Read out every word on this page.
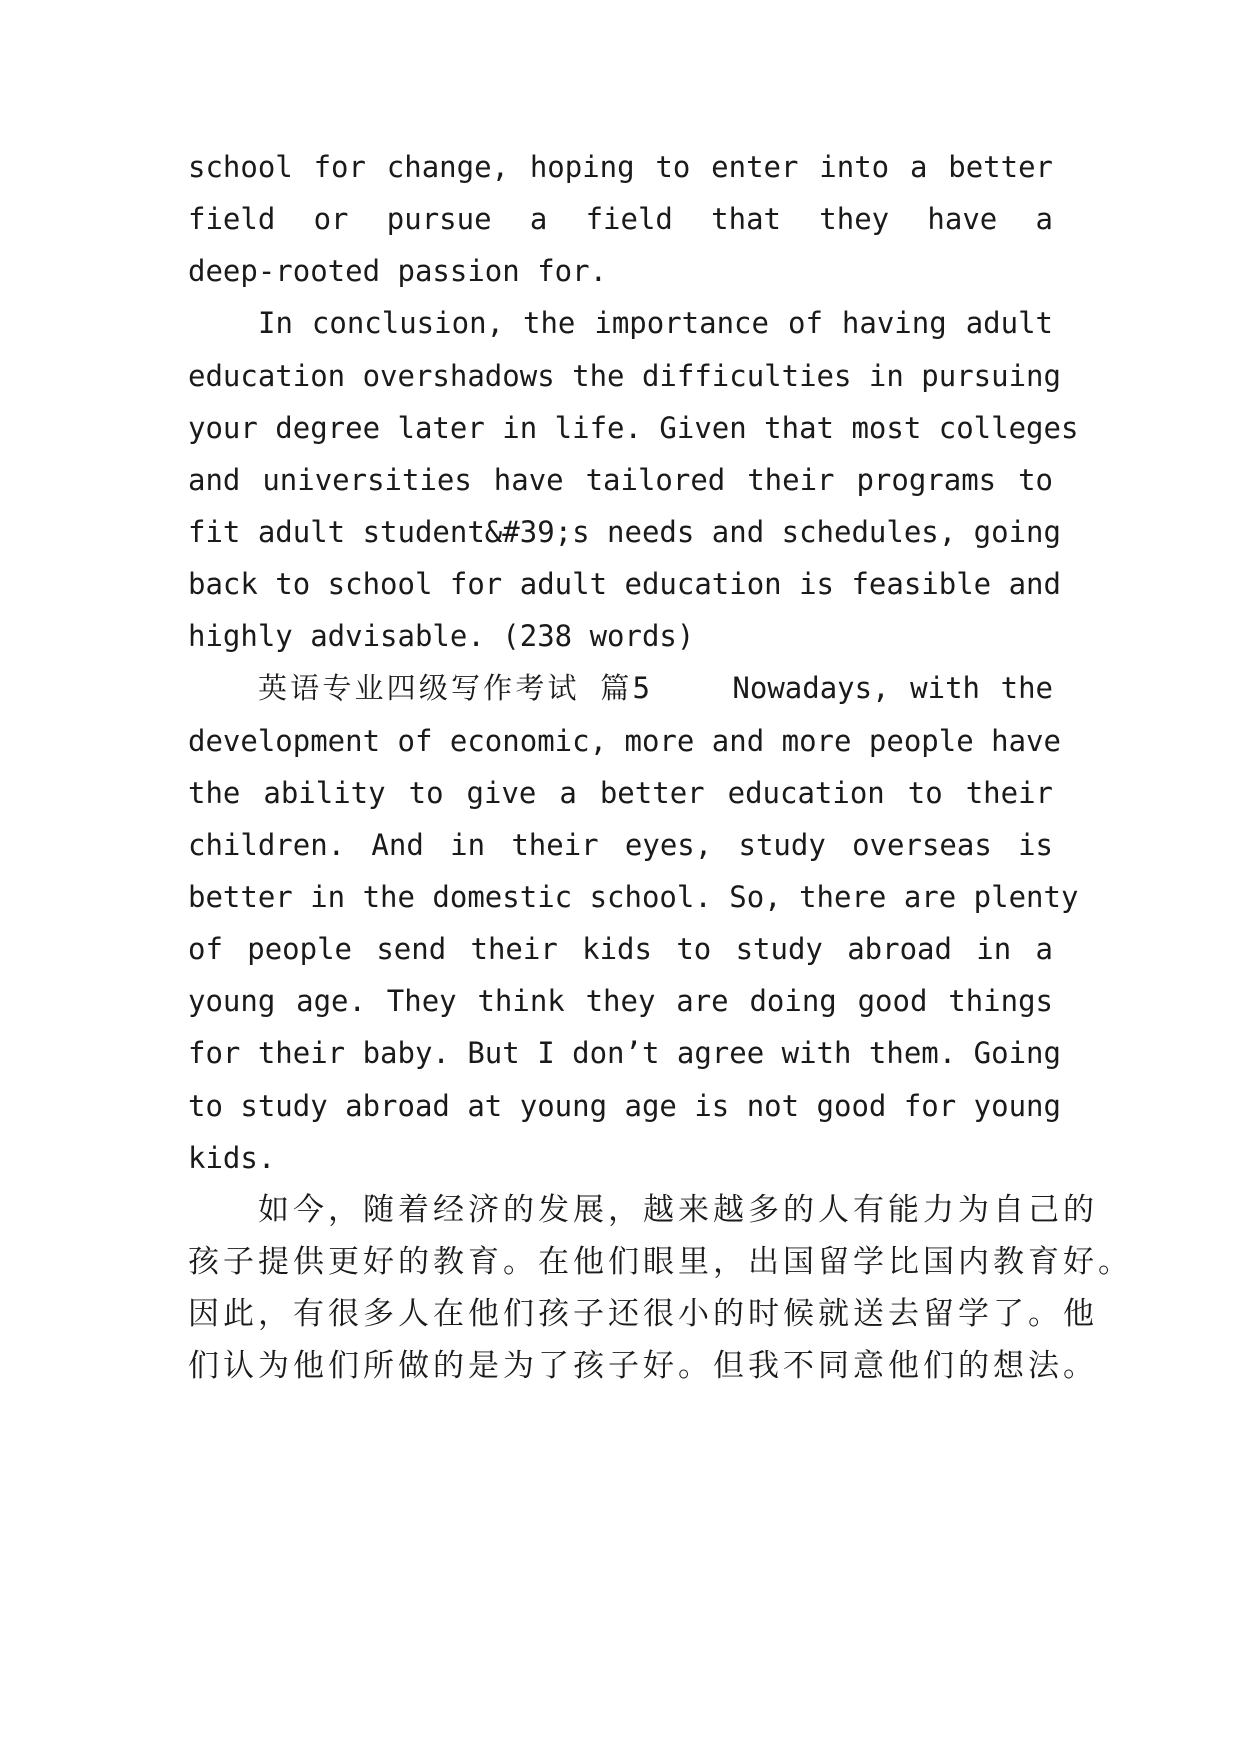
school for change, hoping to enter into a better
field  or  pursue  a  field  that  they  have  a
deep-rooted passion for.
In conclusion, the importance of having adult
education overshadows the difficulties in pursuing
your degree later in life. Given that most colleges
and universities have tailored their programs to
fit adult student&#39;s needs and schedules, going
back to school for adult education is feasible and
highly advisable. (238 words)
英语专业四级写作考试 篇5    Nowadays, with the
development of economic, more and more people have
the ability to give a better education to their
children. And in their eyes, study overseas is
better in the domestic school. So, there are plenty
of people send their kids to study abroad in a
young age. They think they are doing good things
for their baby. But I don’t agree with them. Going
to study abroad at young age is not good for young
kids.
如今，随着经济的发展，越来越多的人有能力为自己的
孩子提供更好的教育。在他们眼里，出国留学比国内教育好。
因此，有很多人在他们孩子还很小的时候就送去留学了。他
们认为他们所做的是为了孩子好。但我不同意他们的想法。
